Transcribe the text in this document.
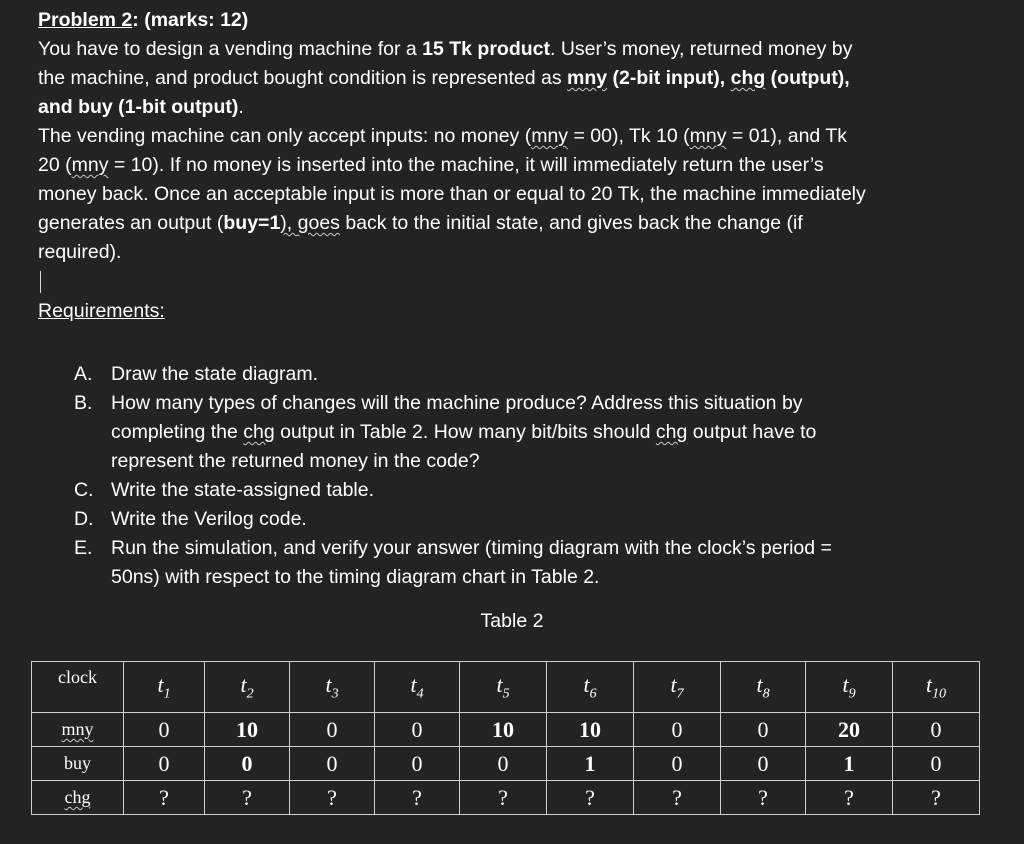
Problem 2: (marks: 12)
You have to design a vending machine for a 15 Tk product. User’s money, returned money by
the machine, and product bought condition is represented as mny (2-bit input), chg (output),
and buy (1-bit output).
The vending machine can only accept inputs: no money (mny = 00), Tk 10 (mny = 01), and Tk
20 (mny = 10). If no money is inserted into the machine, it will immediately return the user’s
money back. Once an acceptable input is more than or equal to 20 Tk, the machine immediately
generates an output (buy=1), goes back to the initial state, and gives back the change (if
required).
Requirements:
A. Draw the state diagram.
B. How many types of changes will the machine produce? Address this situation by
completing the chg output in Table 2. How many bit/bits should chg output have to
represent the returned money in the code?
C. Write the state-assigned table.
D. Write the Verilog code.
E. Run the simulation, and verify your answer (timing diagram with the clock’s period =
50ns) with respect to the timing diagram chart in Table 2.
Table 2
clock	$t_1$	$t_2$	$t_3$	$t_4$	$t_5$	$t_6$	$t_7$	$t_8$	$t_9$	$t_{10}$
mny	0	10	0	0	10	10	0	0	20	0
buy	0	0	0	0	0	1	0	0	1	0
chg	?	?	?	?	?	?	?	?	?	?
